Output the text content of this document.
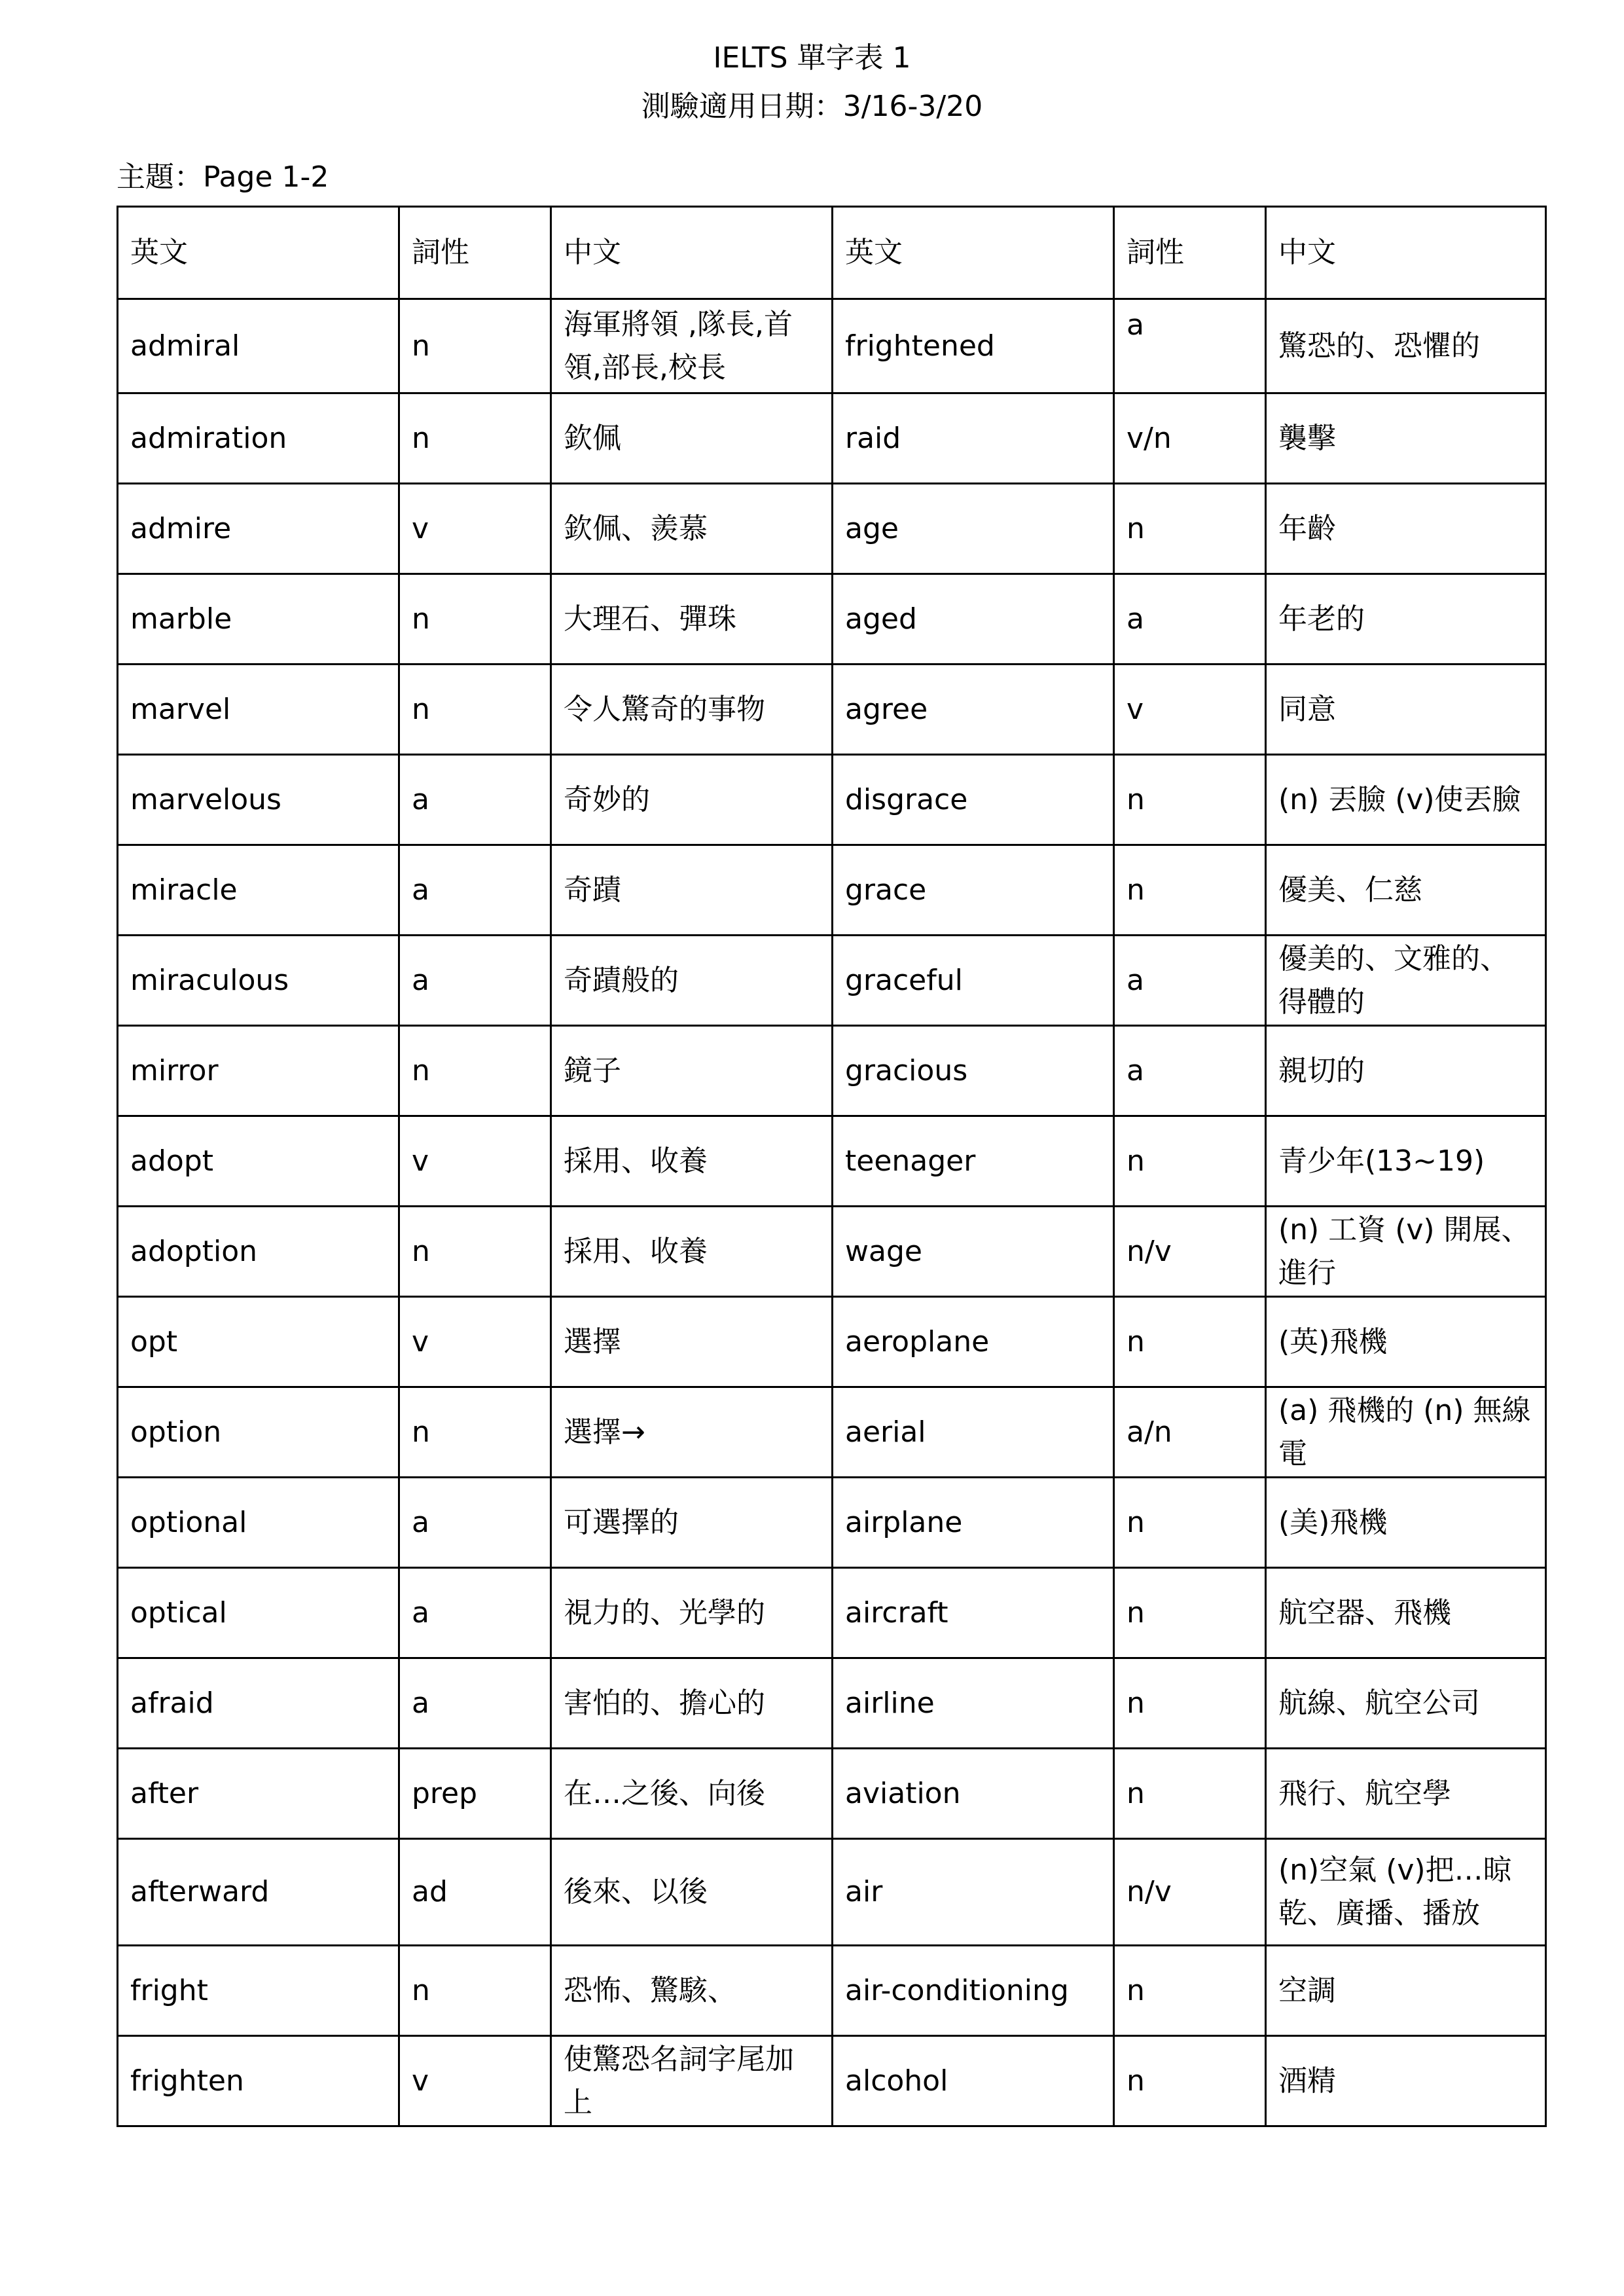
IELTS 單字表 1
測驗適用日期：3/16-3/20
主題：Page 1-2
英文	詞性	中文	英文	詞性	中文
admiral	n	海軍將領 ,隊長,首領,部長,校長	frightened	a	驚恐的、恐懼的
admiration	n	欽佩	raid	v/n	襲擊
admire	v	欽佩、羨慕	age	n	年齡
marble	n	大理石、彈珠	aged	a	年老的
marvel	n	令人驚奇的事物	agree	v	同意
marvelous	a	奇妙的	disgrace	n	(n) 丟臉 (v)使丟臉
miracle	a	奇蹟	grace	n	優美、仁慈
miraculous	a	奇蹟般的	graceful	a	優美的、文雅的、得體的
mirror	n	鏡子	gracious	a	親切的
adopt	v	採用、收養	teenager	n	青少年(13~19)
adoption	n	採用、收養	wage	n/v	(n) 工資 (v) 開展、進行
opt	v	選擇	aeroplane	n	(英)飛機
option	n	選擇→	aerial	a/n	(a) 飛機的 (n) 無線電
optional	a	可選擇的	airplane	n	(美)飛機
optical	a	視力的、光學的	aircraft	n	航空器、飛機
afraid	a	害怕的、擔心的	airline	n	航線、航空公司
after	prep	在…之後、向後	aviation	n	飛行、航空學
afterward	ad	後來、以後	air	n/v	(n)空氣 (v)把…晾乾、廣播、播放
fright	n	恐怖、驚駭、	air-conditioning	n	空調
frighten	v	使驚恐名詞字尾加上	alcohol	n	酒精
